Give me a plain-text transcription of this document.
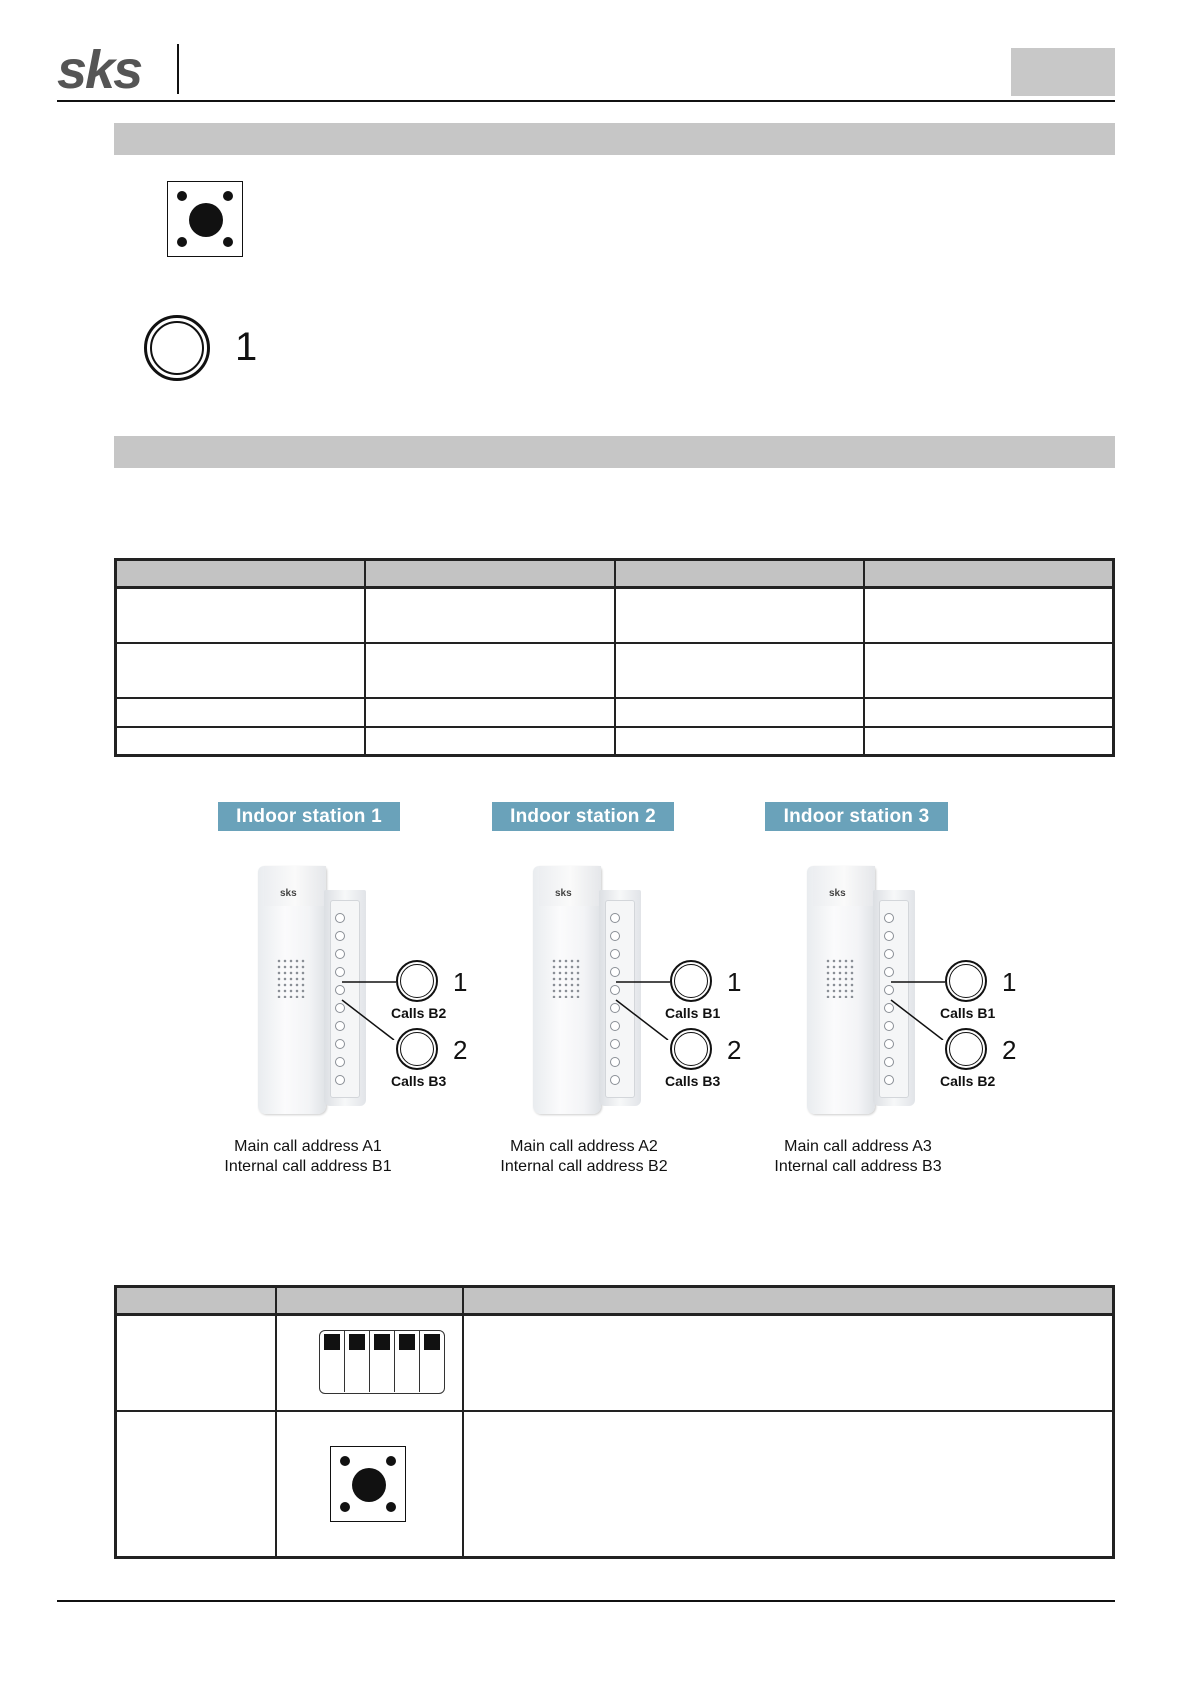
sks
1

Indoor station 1
sks
1
Calls B2
2
Calls B3
Main call address A1
Internal call address B1
Indoor station 2
sks
1
Calls B1
2
Calls B3
Main call address A2
Internal call address B2
Indoor station 3
sks
1
Calls B1
2
Calls B2
Main call address A3
Internal call address B3
